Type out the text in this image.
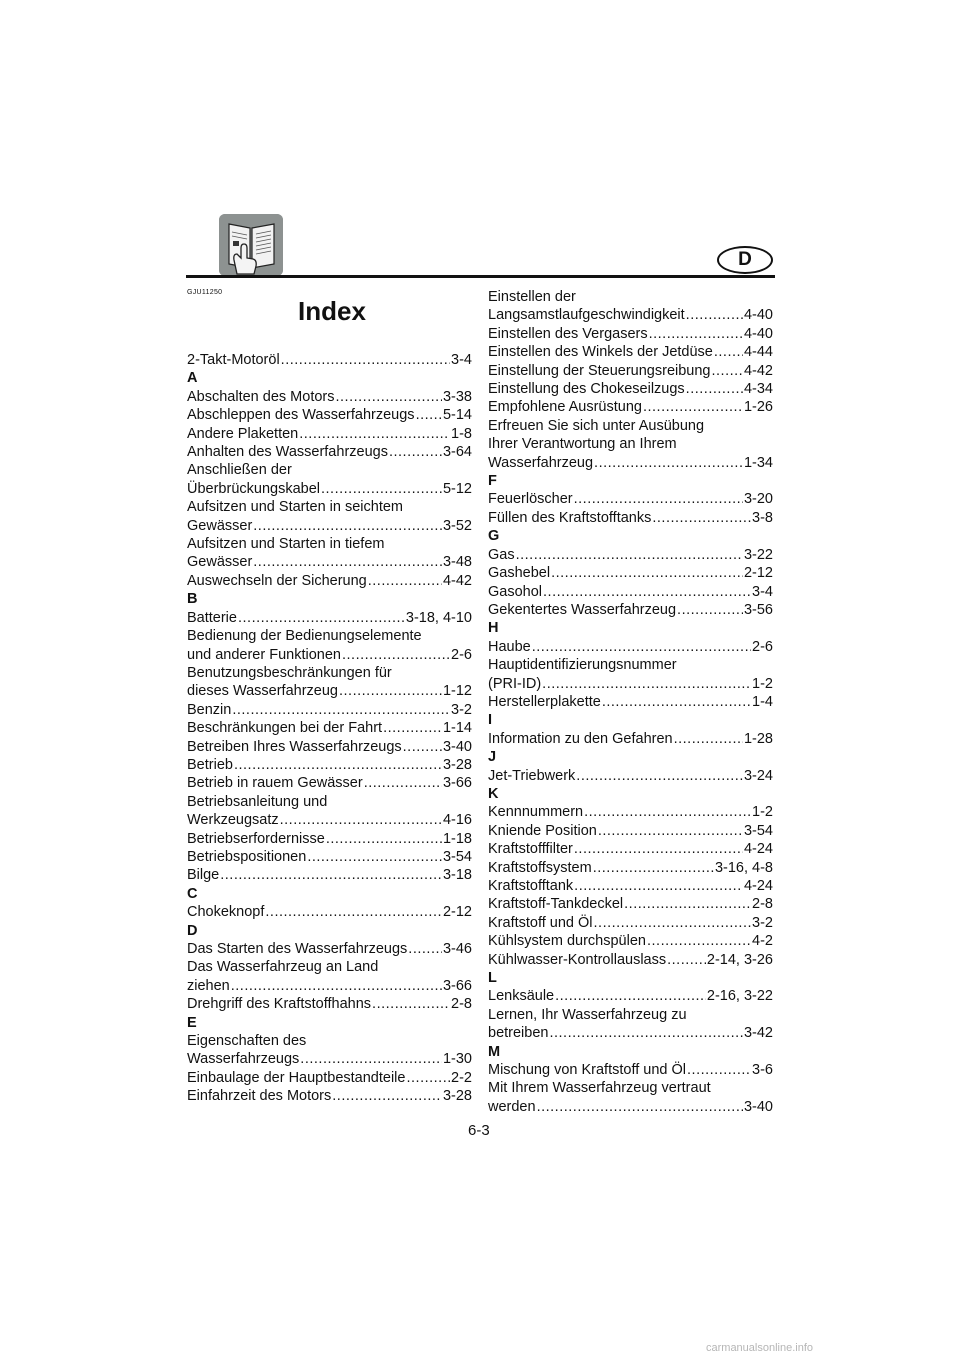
D
GJU11250
Index
2-Takt-Motoröl .....	3-4
A
Abschalten des Motors .....	3-38
Abschleppen des Wasserfahrzeugs ..... 5-14
Andere Plaketten .....	1-8
Anhalten des Wasserfahrzeugs .....	3-64
Anschließen der
Überbrückungskabel .....	5-12
Aufsitzen und Starten in seichtem
Gewässer .....	3-52
Aufsitzen und Starten in tiefem
Gewässer .....	3-48
Auswechseln der Sicherung .....	4-42
B
Batterie .....	3-18, 4-10
Bedienung der Bedienungselemente
und anderer Funktionen .....	2-6
Benutzungsbeschränkungen für
dieses Wasserfahrzeug .....	1-12
Benzin .....	3-2
Beschränkungen bei der Fahrt .....	1-14
Betreiben Ihres Wasserfahrzeugs .....	3-40
Betrieb .....	3-28
Betrieb in rauem Gewässer .....	3-66
Betriebsanleitung und
Werkzeugsatz .....	4-16
Betriebserfordernisse .....	1-18
Betriebspositionen .....	3-54
Bilge .....	3-18
C
Chokeknopf .....	2-12
D
Das Starten des Wasserfahrzeugs ..... 3-46
Das Wasserfahrzeug an Land
ziehen .....	3-66
Drehgriff des Kraftstoffhahns .....	2-8
E
Eigenschaften des
Wasserfahrzeugs .....	1-30
Einbaulage der Hauptbestandteile .....	2-2
Einfahrzeit des Motors .....	3-28
Einstellen der
Langsamstlaufgeschwindigkeit .....	4-40
Einstellen des Vergasers .....	4-40
Einstellen des Winkels der Jetdüse ..... 4-44
Einstellung der Steuerungsreibung ..... 4-42
Einstellung des Chokeseilzugs .....	4-34
Empfohlene Ausrüstung .....	1-26
Erfreuen Sie sich unter Ausübung
Ihrer Verantwortung an Ihrem
Wasserfahrzeug .....	1-34
F
Feuerlöscher .....	3-20
Füllen des Kraftstofftanks .....	3-8
G
Gas .....	3-22
Gashebel .....	2-12
Gasohol .....	3-4
Gekentertes Wasserfahrzeug .....	3-56
H
Haube .....	2-6
Hauptidentifizierungsnummer
(PRI-ID) .....	1-2
Herstellerplakette .....	1-4
I
Information zu den Gefahren .....	1-28
J
Jet-Triebwerk .....	3-24
K
Kennnummern .....	1-2
Kniende Position .....	3-54
Kraftstofffilter .....	4-24
Kraftstoffsystem .....	3-16, 4-8
Kraftstofftank .....	4-24
Kraftstoff-Tankdeckel .....	2-8
Kraftstoff und Öl .....	3-2
Kühlsystem durchspülen .....	4-2
Kühlwasser-Kontrollauslass .....	2-14, 3-26
L
Lenksäule .....	2-16, 3-22
Lernen, Ihr Wasserfahrzeug zu
betreiben .....	3-42
M
Mischung von Kraftstoff und Öl .....	3-6
Mit Ihrem Wasserfahrzeug vertraut
werden .....	3-40
6-3
carmanualsonline.info
